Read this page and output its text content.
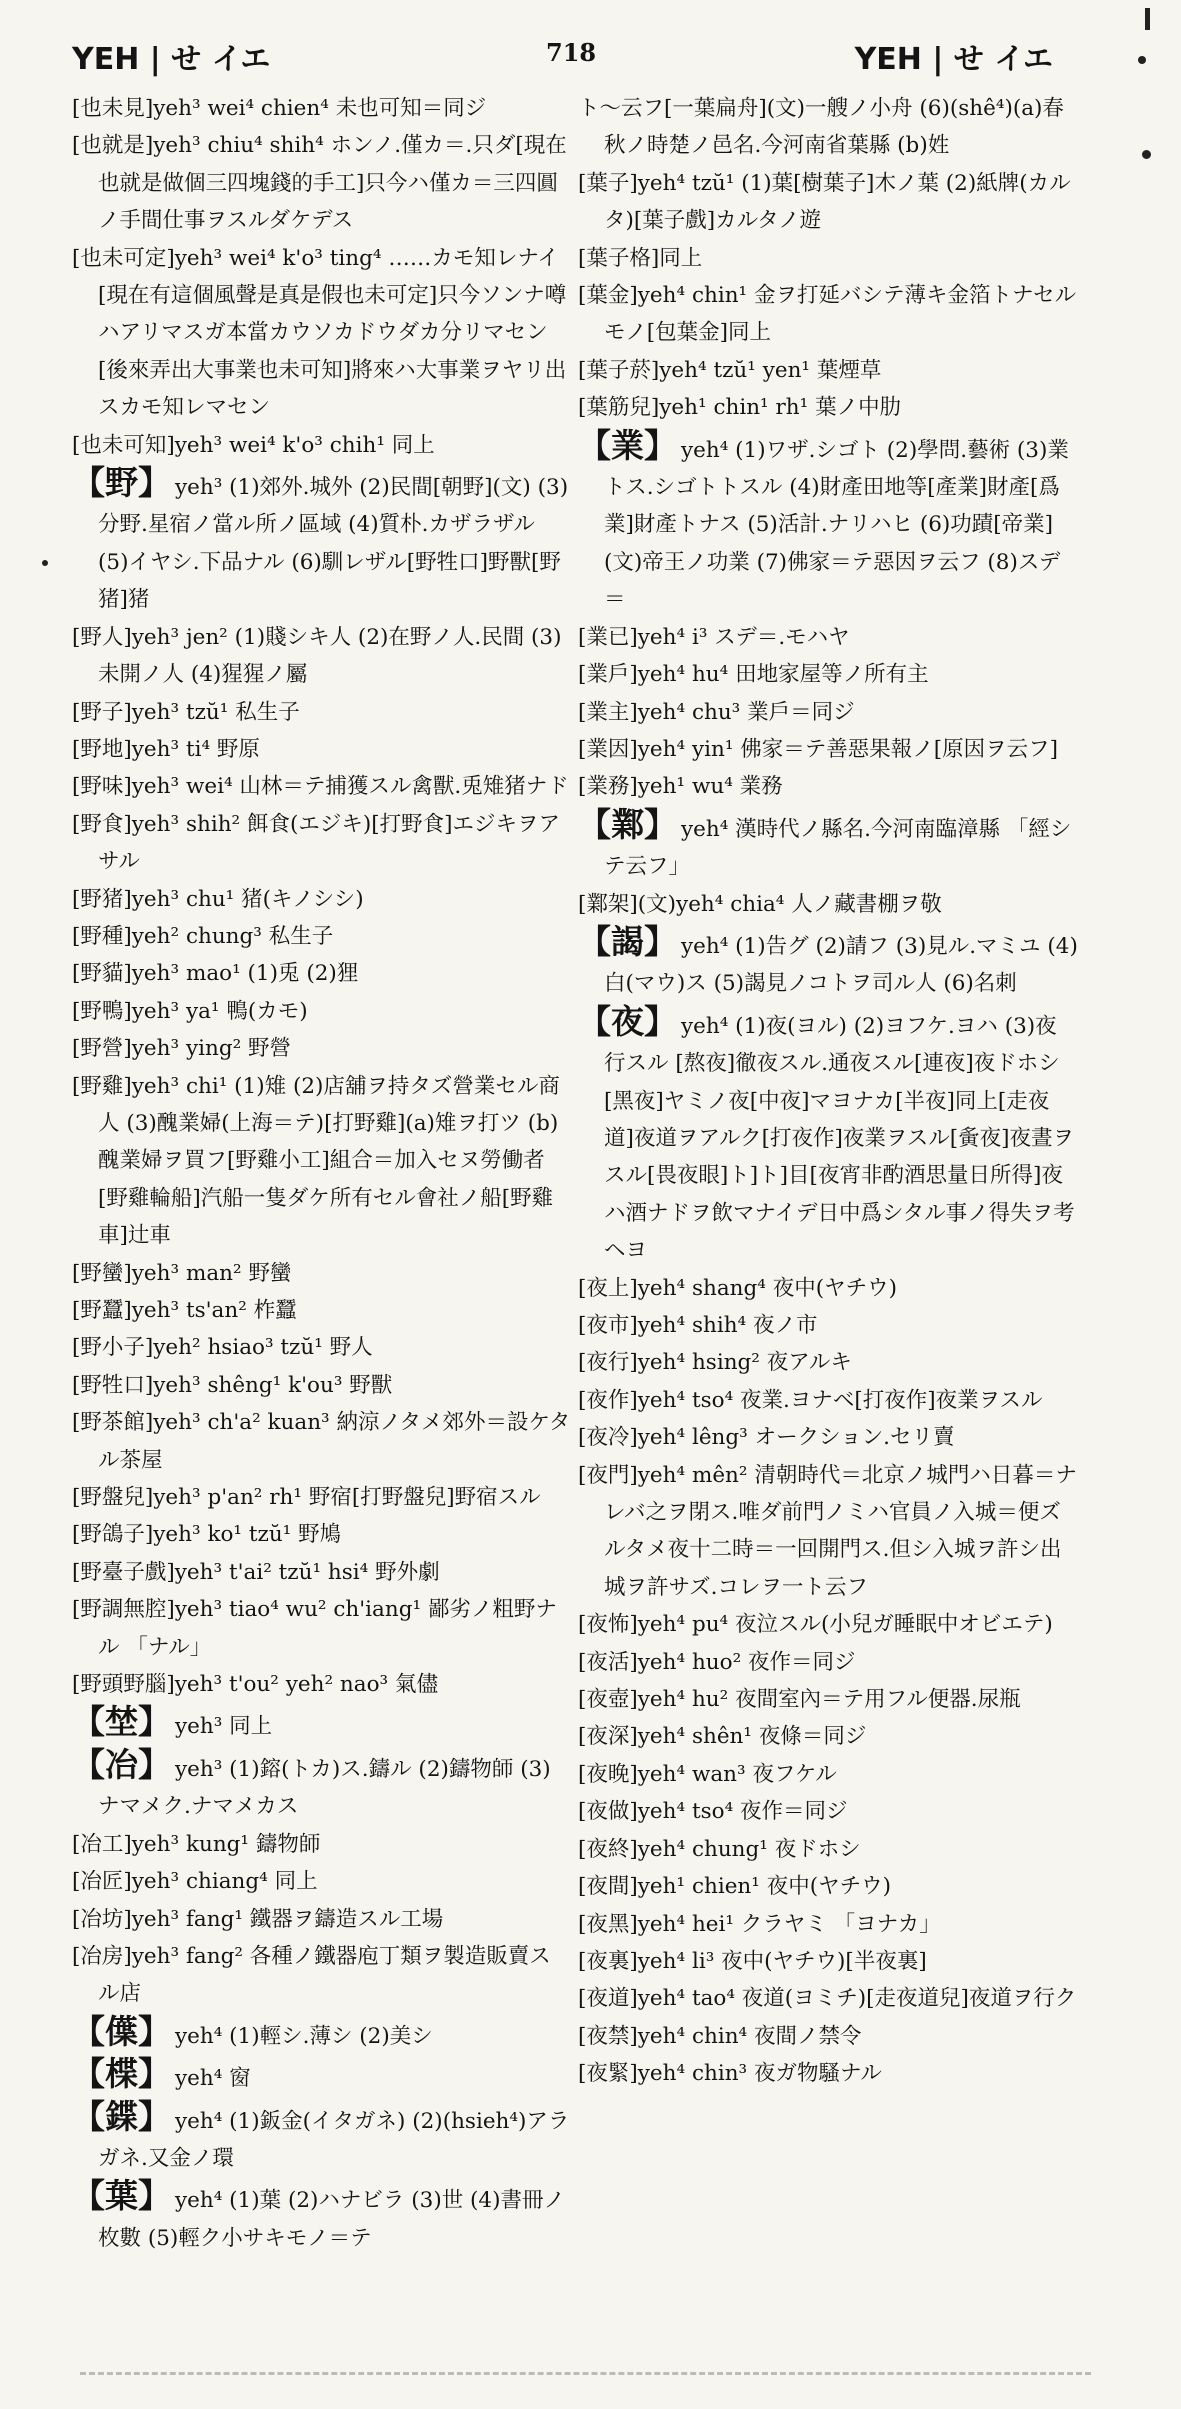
YEH | せ イエ	718	YEH | せ イエ

[也未見]yeh³ wei⁴ chien⁴ 未也可知＝同ジ

[也就是]yeh³ chiu⁴ shih⁴ ホンノ.僅カ＝.只ダ[現在也就是做個三四塊錢的手工]只今ハ僅カ＝三四圓ノ手間仕事ヲスルダケデス

[也未可定]yeh³ wei⁴ k'o³ ting⁴ ……カモ知レナイ[現在有這個風聲是真是假也未可定]只今ソンナ噂ハアリマスガ本當カウソカドウダカ分リマセン[後來弄出大事業也未可知]將來ハ大事業ヲヤリ出スカモ知レマセン

[也未可知]yeh³ wei⁴ k'o³ chih¹ 同上

【 野 】 yeh³ (1)郊外.城外 (2)民間[朝野](文) (3)分野.星宿ノ當ル所ノ區域 (4)質朴.カザラザル (5)イヤシ.下品ナル (6)馴レザル[野牲口]野獸[野猪]猪

[野人]yeh³ jen² (1)賤シキ人 (2)在野ノ人.民間 (3)未開ノ人 (4)猩猩ノ屬

[野子]yeh³ tzŭ¹ 私生子

[野地]yeh³ ti⁴ 野原

[野味]yeh³ wei⁴ 山林＝テ捕獲スル禽獸.兎雉猪ナド

[野食]yeh³ shih² 餌食(エジキ)[打野食]エジキヲアサル

[野猪]yeh³ chu¹ 猪(キノシシ)

[野種]yeh² chung³ 私生子

[野貓]yeh³ mao¹ (1)兎 (2)狸

[野鴨]yeh³ ya¹ 鴨(カモ)

[野營]yeh³ ying² 野營

[野雞]yeh³ chi¹ (1)雉 (2)店舖ヲ持タズ營業セル商人 (3)醜業婦(上海＝テ)[打野雞](a)雉ヲ打ツ (b)醜業婦ヲ買フ[野雞小工]組合＝加入セヌ勞働者[野雞輪船]汽船一隻ダケ所有セル會社ノ船[野雞車]辻車

[野蠻]yeh³ man² 野蠻

[野蠶]yeh³ ts'an² 柞蠶

[野小子]yeh² hsiao³ tzŭ¹ 野人

[野牲口]yeh³ shêng¹ k'ou³ 野獸

[野茶館]yeh³ ch'a² kuan³ 納涼ノタメ郊外＝設ケタル茶屋

[野盤兒]yeh³ p'an² rh¹ 野宿[打野盤兒]野宿スル

[野鴿子]yeh³ ko¹ tzŭ¹ 野鳩

[野臺子戲]yeh³ t'ai² tzŭ¹ hsi⁴ 野外劇

[野調無腔]yeh³ tiao⁴ wu² ch'iang¹ 鄙劣ノ粗野ナル 「ナル」

[野頭野腦]yeh³ t'ou² yeh² nao³ 氣儘

【 埜 】 yeh³ 同上

【 冶 】 yeh³ (1)鎔(トカ)ス.鑄ル (2)鑄物師 (3)ナマメク.ナマメカス

[冶工]yeh³ kung¹ 鑄物師

[冶匠]yeh³ chiang⁴ 同上

[冶坊]yeh³ fang¹ 鐵器ヲ鑄造スル工場

[冶房]yeh³ fang² 各種ノ鐵器庖丁類ヲ製造販賣スル店

【 僷 】 yeh⁴ (1)輕シ.薄シ (2)美シ

【 楪 】 yeh⁴ 窗

【 鍱 】 yeh⁴ (1)鈑金(イタガネ) (2)(hsieh⁴)アラガネ.又金ノ環

【 葉 】 yeh⁴ (1)葉 (2)ハナビラ (3)世 (4)書冊ノ枚數 (5)輕ク小サキモノ＝テ

ト～云フ[一葉扁舟](文)一艘ノ小舟 (6)(shê⁴)(a)春秋ノ時楚ノ邑名.今河南省葉縣 (b)姓

[葉子]yeh⁴ tzŭ¹ (1)葉[樹葉子]木ノ葉 (2)紙牌(カルタ)[葉子戲]カルタノ遊

[葉子格]同上

[葉金]yeh⁴ chin¹ 金ヲ打延バシテ薄キ金箔トナセルモノ[包葉金]同上

[葉子菸]yeh⁴ tzŭ¹ yen¹ 葉煙草

[葉筋兒]yeh¹ chin¹ rh¹ 葉ノ中肋

【 業 】 yeh⁴ (1)ワザ.シゴト (2)學問.藝術 (3)業トス.シゴトトスル (4)財產田地等[產業]財產[爲業]財產トナス (5)活計.ナリハヒ (6)功蹟[帝業](文)帝王ノ功業 (7)佛家＝テ惡因ヲ云フ (8)スデ＝

[業已]yeh⁴ i³ スデ＝.モハヤ

[業戶]yeh⁴ hu⁴ 田地家屋等ノ所有主

[業主]yeh⁴ chu³ 業戶＝同ジ

[業因]yeh⁴ yin¹ 佛家＝テ善惡果報ノ[原因ヲ云フ]

[業務]yeh¹ wu⁴ 業務

【 鄴 】 yeh⁴ 漢時代ノ縣名.今河南臨漳縣 「經シテ云フ」

[鄴架](文)yeh⁴ chia⁴ 人ノ藏書棚ヲ敬

【 謁 】 yeh⁴ (1)告グ (2)請フ (3)見ル.マミユ (4)白(マウ)ス (5)謁見ノコトヲ司ル人 (6)名刺

【 夜 】 yeh⁴ (1)夜(ヨル) (2)ヨフケ.ヨハ (3)夜行スル [熬夜]徹夜スル.通夜スル[連夜]夜ドホシ[黑夜]ヤミノ夜[中夜]マヨナカ[半夜]同上[走夜道]夜道ヲアルク[打夜作]夜業ヲスル[夤夜]夜晝ヲスル[畏夜眼]ト]ト]目[夜宵非酌酒思量日所得]夜ハ酒ナドヲ飲マナイデ日中爲シタル事ノ得失ヲ考ヘヨ

[夜上]yeh⁴ shang⁴ 夜中(ヤチウ)

[夜市]yeh⁴ shih⁴ 夜ノ市

[夜行]yeh⁴ hsing² 夜アルキ

[夜作]yeh⁴ tso⁴ 夜業.ヨナベ[打夜作]夜業ヲスル

[夜冷]yeh⁴ lêng³ オークション.セリ賣

[夜門]yeh⁴ mên² 清朝時代＝北京ノ城門ハ日暮＝ナレバ之ヲ閉ス.唯ダ前門ノミハ官員ノ入城＝便ズルタメ夜十二時＝一回開門ス.但シ入城ヲ許シ出城ヲ許サズ.コレヲ一ト云フ

[夜怖]yeh⁴ pu⁴ 夜泣スル(小兒ガ睡眠中オビエテ)

[夜活]yeh⁴ huo² 夜作＝同ジ

[夜壺]yeh⁴ hu² 夜間室內＝テ用フル便器.尿瓶

[夜深]yeh⁴ shên¹ 夜條＝同ジ

[夜晚]yeh⁴ wan³ 夜フケル

[夜做]yeh⁴ tso⁴ 夜作＝同ジ

[夜終]yeh⁴ chung¹ 夜ドホシ

[夜間]yeh¹ chien¹ 夜中(ヤチウ)

[夜黑]yeh⁴ hei¹ クラヤミ 「ヨナカ」

[夜裏]yeh⁴ li³ 夜中(ヤチウ)[半夜裏]

[夜道]yeh⁴ tao⁴ 夜道(ヨミチ)[走夜道兒]夜道ヲ行ク

[夜禁]yeh⁴ chin⁴ 夜間ノ禁令

[夜緊]yeh⁴ chin³ 夜ガ物騷ナル
